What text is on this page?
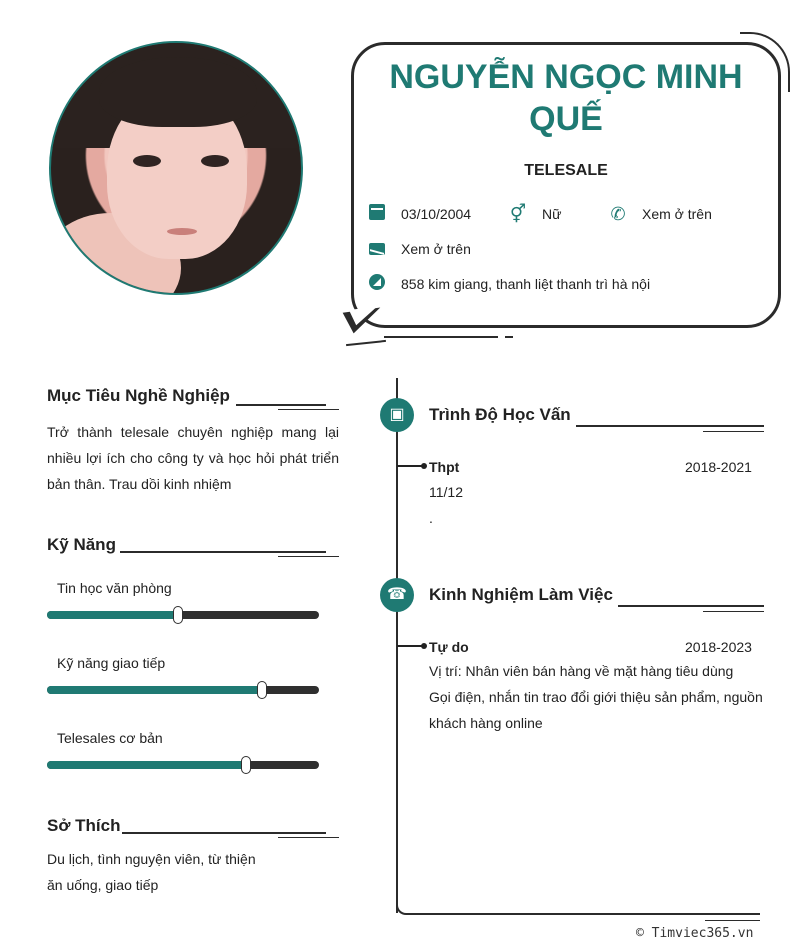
NGUYỄN NGỌC MINH
QUẾ
TELESALE
03/10/2004 ⚥ Nữ	✆ Xem ở trên
Xem ở trên
858 kim giang, thanh liệt thanh trì hà nội
Mục Tiêu Nghề Nghiệp
Trở thành telesale chuyên nghiệp mang lại nhiều lợi ích cho công ty và học hỏi phát triển bản thân. Trau dồi kinh nhiệm
Kỹ Năng
Tin học văn phòng
Kỹ năng giao tiếp
Telesales cơ bản
Sở Thích
Du lịch, tình nguyện viên, từ thiện
ăn uống, giao tiếp
▣	Trình Độ Học Vấn
Thpt	2018-2021
11/12
.
☎	Kinh Nghiệm Làm Việc
Tự do	2018-2023
Vị trí: Nhân viên bán hàng về mặt hàng tiêu dùng
Gọi điện, nhắn tin trao đổi giới thiệu sản phẩm, nguồn khách hàng online
© Timviec365.vn
